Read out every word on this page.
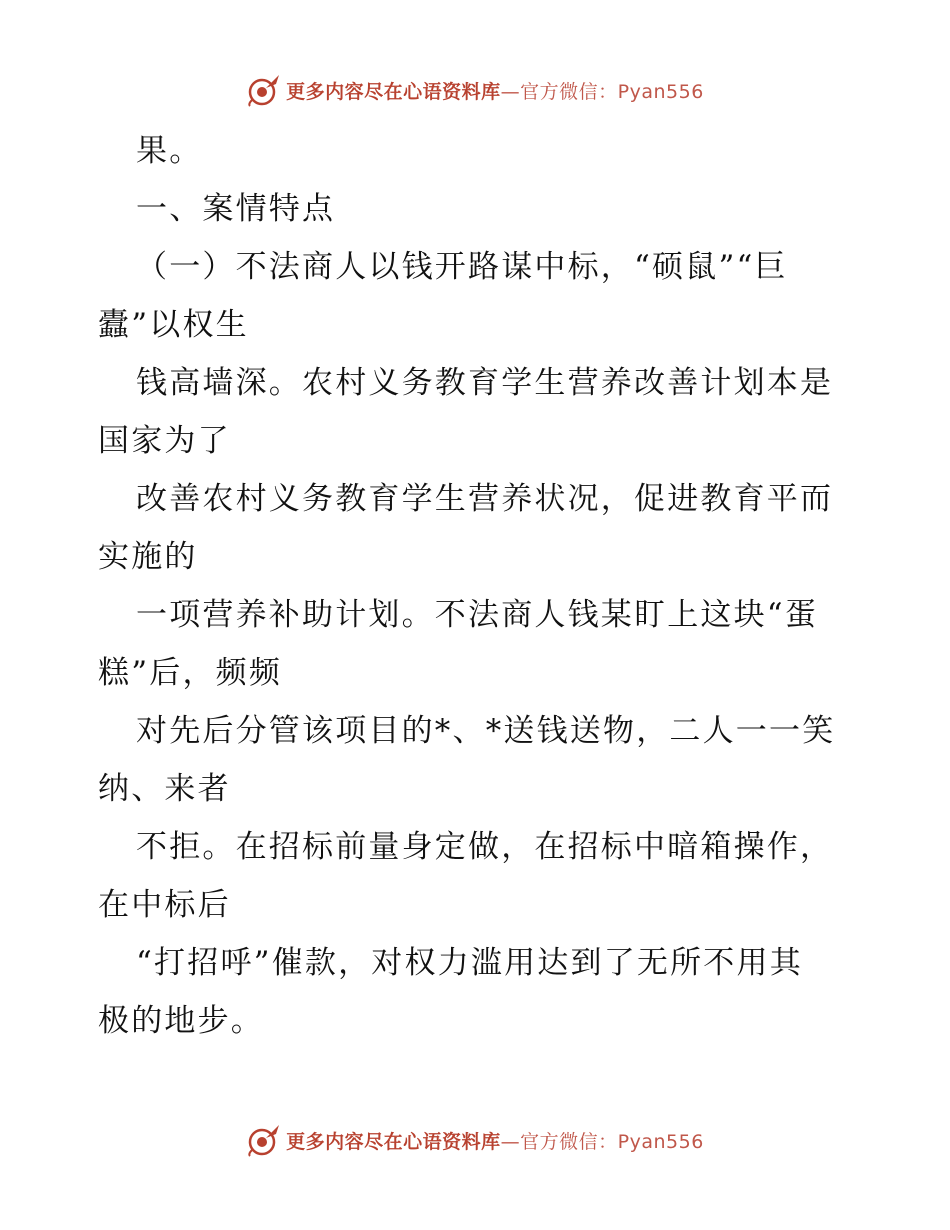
更多内容尽在心语资料库—官方微信：Pyan556

果。

一、案情特点

（一）不法商人以钱开路谋中标，“硕鼠”“巨

蠹”以权生

钱高墙深。农村义务教育学生营养改善计划本是

国家为了

改善农村义务教育学生营养状况，促进教育平而

实施的

一项营养补助计划。不法商人钱某盯上这块“蛋

糕”后，频频

对先后分管该项目的*、*送钱送物，二人一一笑

纳、来者

不拒。在招标前量身定做，在招标中暗箱操作，

在中标后

“打招呼”催款，对权力滥用达到了无所不用其

极的地步。

更多内容尽在心语资料库—官方微信：Pyan556
